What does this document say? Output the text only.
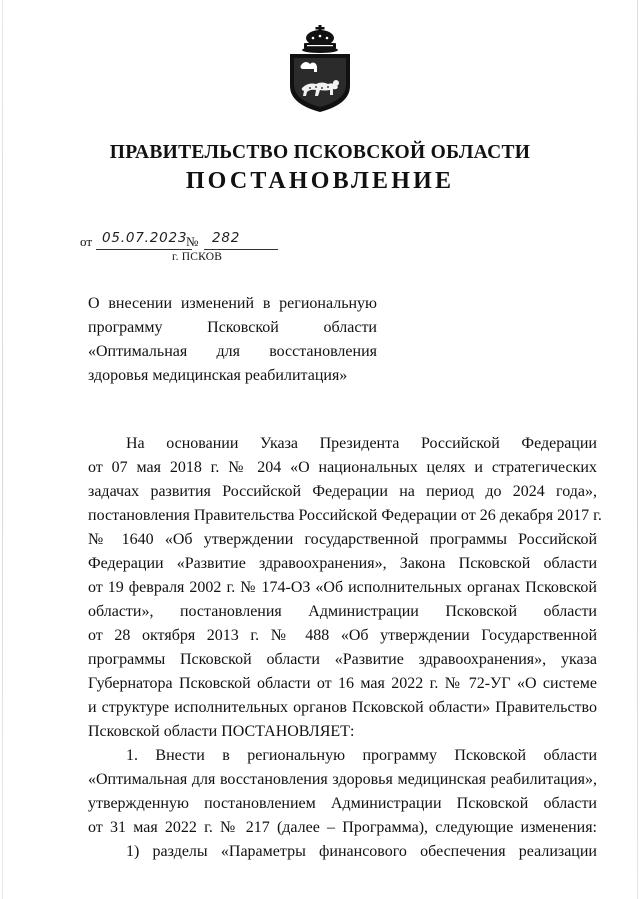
ПРАВИТЕЛЬСТВО ПСКОВСКОЙ ОБЛАСТИ
ПОСТАНОВЛЕНИЕ
от 05.07.2023
№ 282
г. ПСКОВ
О внесении изменений в региональную
программу Псковской области
«Оптимальная для восстановления
здоровья медицинская реабилитация»
На основании Указа Президента Российской Федерации
от 07 мая 2018 г. № 204 «О национальных целях и стратегических
задачах развития Российской Федерации на период до 2024 года»,
постановления Правительства Российской Федерации от 26 декабря 2017 г.
№ 1640 «Об утверждении государственной программы Российской
Федерации «Развитие здравоохранения», Закона Псковской области
от 19 февраля 2002 г. № 174-ОЗ «Об исполнительных органах Псковской
области», постановления Администрации Псковской области
от 28 октября 2013 г. № 488 «Об утверждении Государственной
программы Псковской области «Развитие здравоохранения», указа
Губернатора Псковской области от 16 мая 2022 г. № 72-УГ «О системе
и структуре исполнительных органов Псковской области» Правительство
Псковской области ПОСТАНОВЛЯЕТ:
1. Внести в региональную программу Псковской области
«Оптимальная для восстановления здоровья медицинская реабилитация»,
утвержденную постановлением Администрации Псковской области
от 31 мая 2022 г. № 217 (далее – Программа), следующие изменения:
1) разделы «Параметры финансового обеспечения реализации
